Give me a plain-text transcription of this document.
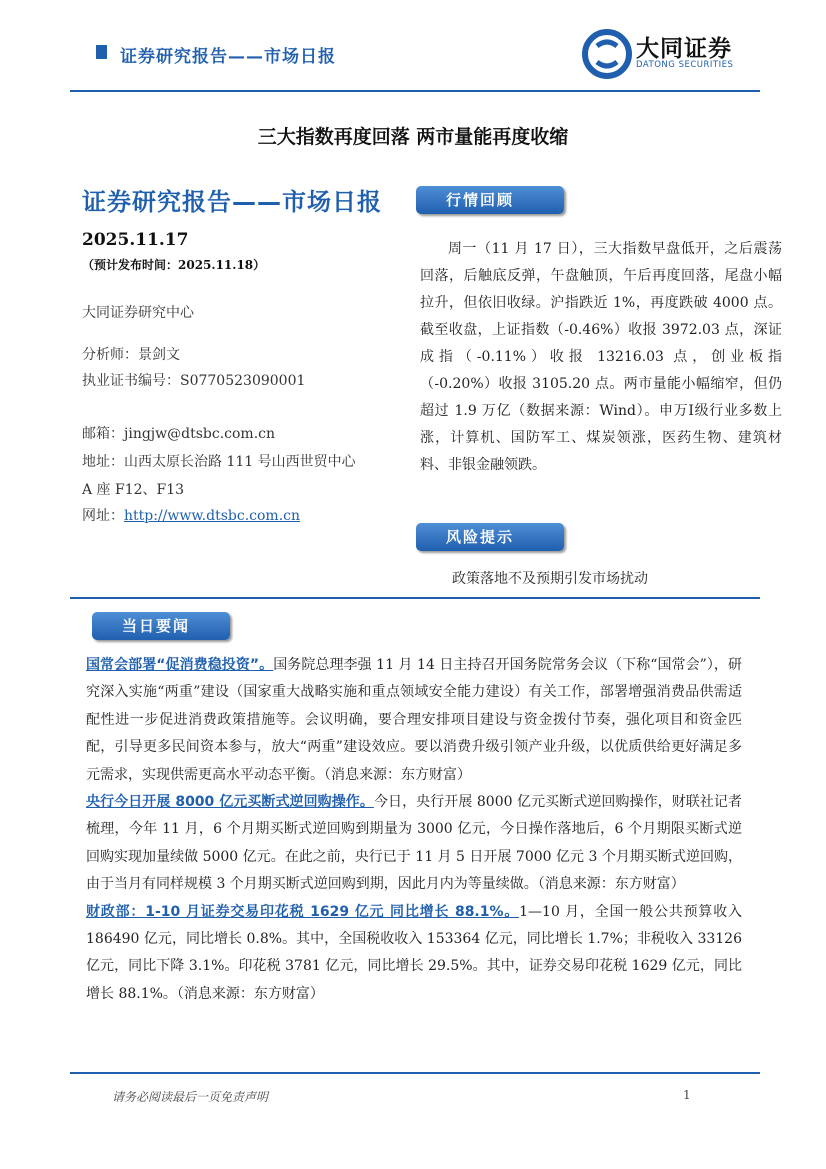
证券研究报告——市场日报	大同证券
DATONG SECURITIES
三大指数再度回落 两市量能再度收缩
证券研究报告——市场日报
2025.11.17
（预计发布时间：2025.11.18）
大同证券研究中心
分析师：景剑文
执业证书编号：S0770523090001
邮箱：jingjw@dtsbc.com.cn
地址：山西太原长治路 111 号山西世贸中心
A 座 F12、F13
网址：http://www.dtsbc.com.cn
行情回顾

周一（11 月 17 日），三大指数早盘低开，之后震荡回落，后触底反弹，午盘触顶，午后再度回落，尾盘小幅拉升，但依旧收绿。沪指跌近 1%，再度跌破 4000 点。截至收盘，上证指数（-0.46%）收报 3972.03 点，深证成指（-0.11%）收报 13216.03 点，创业板指（-0.20%）收报 3105.20 点。两市量能小幅缩窄，但仍超过 1.9 万亿（数据来源：Wind）。申万Ⅰ级行业多数上涨，计算机、国防军工、煤炭领涨，医药生物、建筑材料、非银金融领跌。

风险提示
政策落地不及预期引发市场扰动
当日要闻

国常会部署“促消费稳投资”。国务院总理李强 11 月 14 日主持召开国务院常务会议（下称“国常会”），研究深入实施“两重”建设（国家重大战略实施和重点领域安全能力建设）有关工作，部署增强消费品供需适配性进一步促进消费政策措施等。会议明确，要合理安排项目建设与资金拨付节奏，强化项目和资金匹配，引导更多民间资本参与，放大“两重”建设效应。要以消费升级引领产业升级，以优质供给更好满足多元需求，实现供需更高水平动态平衡。（消息来源：东方财富）

央行今日开展 8000 亿元买断式逆回购操作。今日，央行开展 8000 亿元买断式逆回购操作，财联社记者梳理，今年 11 月，6 个月期买断式逆回购到期量为 3000 亿元，今日操作落地后，6 个月期限买断式逆回购实现加量续做 5000 亿元。在此之前，央行已于 11 月 5 日开展 7000 亿元 3 个月期买断式逆回购，由于当月有同样规模 3 个月期买断式逆回购到期，因此月内为等量续做。（消息来源：东方财富）

财政部：1-10 月证券交易印花税 1629 亿元 同比增长 88.1%。1—10 月，全国一般公共预算收入 186490 亿元，同比增长 0.8%。其中，全国税收收入 153364 亿元，同比增长 1.7%；非税收入 33126 亿元，同比下降 3.1%。印花税 3781 亿元，同比增长 29.5%。其中，证券交易印花税 1629 亿元，同比增长 88.1%。（消息来源：东方财富）

请务必阅读最后一页免责声明	1
